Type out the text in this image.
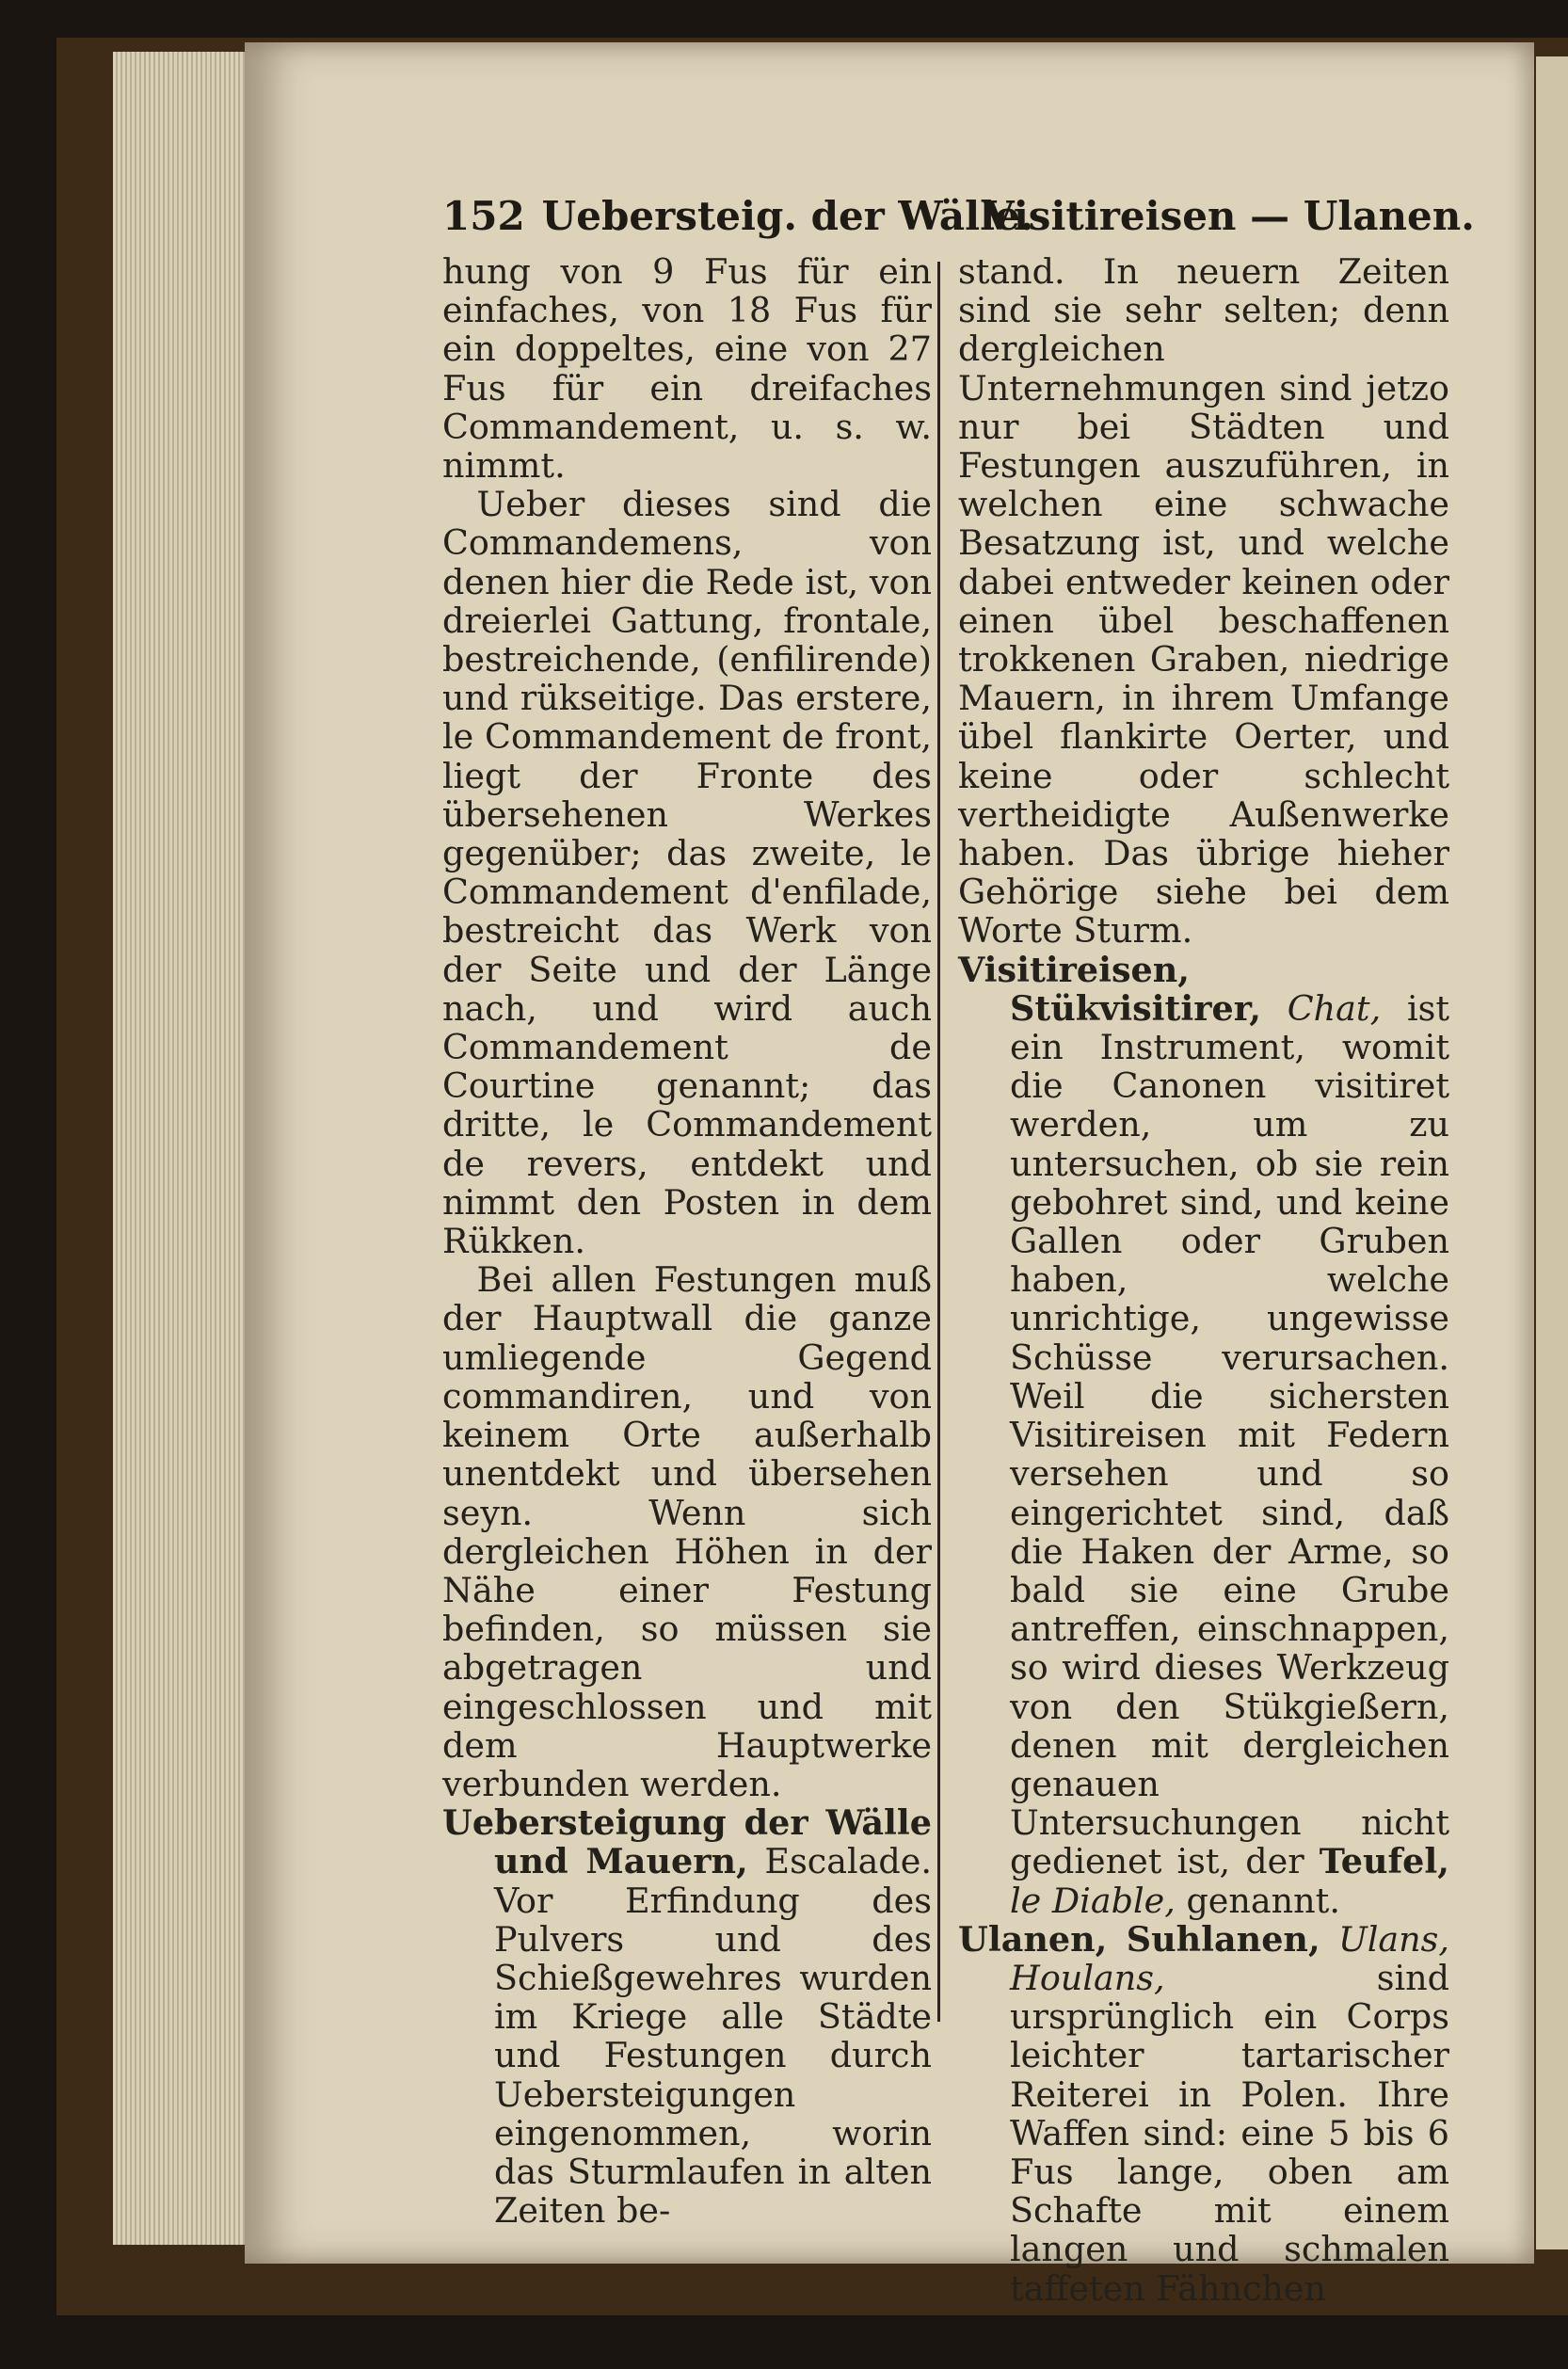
152 Uebersteig. der Wälle.
Visitireisen — Ulanen.

hung von 9 Fus für ein einfaches, von 18 Fus für ein doppeltes, eine von 27 Fus für ein dreifaches Commandement, u. s. w. nimmt.

Ueber dieses sind die Commandemens, von denen hier die Rede ist, von dreierlei Gattung, frontale, bestreichende, (enfilirende) und rükseitige. Das erstere, le Commandement de front, liegt der Fronte des übersehenen Werkes gegenüber; das zweite, le Commandement d'enfilade, bestreicht das Werk von der Seite und der Länge nach, und wird auch Commandement de Courtine genannt; das dritte, le Commandement de revers, entdekt und nimmt den Posten in dem Rükken.

Bei allen Festungen muß der Hauptwall die ganze umliegende Gegend commandiren, und von keinem Orte außerhalb unentdekt und übersehen seyn. Wenn sich dergleichen Höhen in der Nähe einer Festung befinden, so müssen sie abgetragen und eingeschlossen und mit dem Hauptwerke verbunden werden.

Uebersteigung der Wälle und Mauern, Escalade. Vor Erfindung des Pulvers und des Schießgewehres wurden im Kriege alle Städte und Festungen durch Uebersteigungen eingenommen, worin das Sturmlaufen in alten Zeiten be-

stand. In neuern Zeiten sind sie sehr selten; denn dergleichen Unternehmungen sind jetzo nur bei Städten und Festungen auszuführen, in welchen eine schwache Besatzung ist, und welche dabei entweder keinen oder einen übel beschaffenen trokkenen Graben, niedrige Mauern, in ihrem Umfange übel flankirte Oerter, und keine oder schlecht vertheidigte Außenwerke haben. Das übrige hieher Gehörige siehe bei dem Worte Sturm.

Visitireisen, Stükvisitirer, Chat, ist ein Instrument, womit die Canonen visitiret werden, um zu untersuchen, ob sie rein gebohret sind, und keine Gallen oder Gruben haben, welche unrichtige, ungewisse Schüsse verursachen. Weil die sichersten Visitireisen mit Federn versehen und so eingerichtet sind, daß die Haken der Arme, so bald sie eine Grube antreffen, einschnappen, so wird dieses Werkzeug von den Stükgießern, denen mit dergleichen genauen Untersuchungen nicht gedienet ist, der Teufel, le Diable, genannt.

Ulanen, Suhlanen, Ulans, Houlans,	sind ursprünglich ein Corps leichter tartarischer Reiterei in Polen. Ihre Waffen sind: eine 5 bis 6 Fus lange, oben am Schafte mit einem langen und schmalen taffeten Fähnchen
